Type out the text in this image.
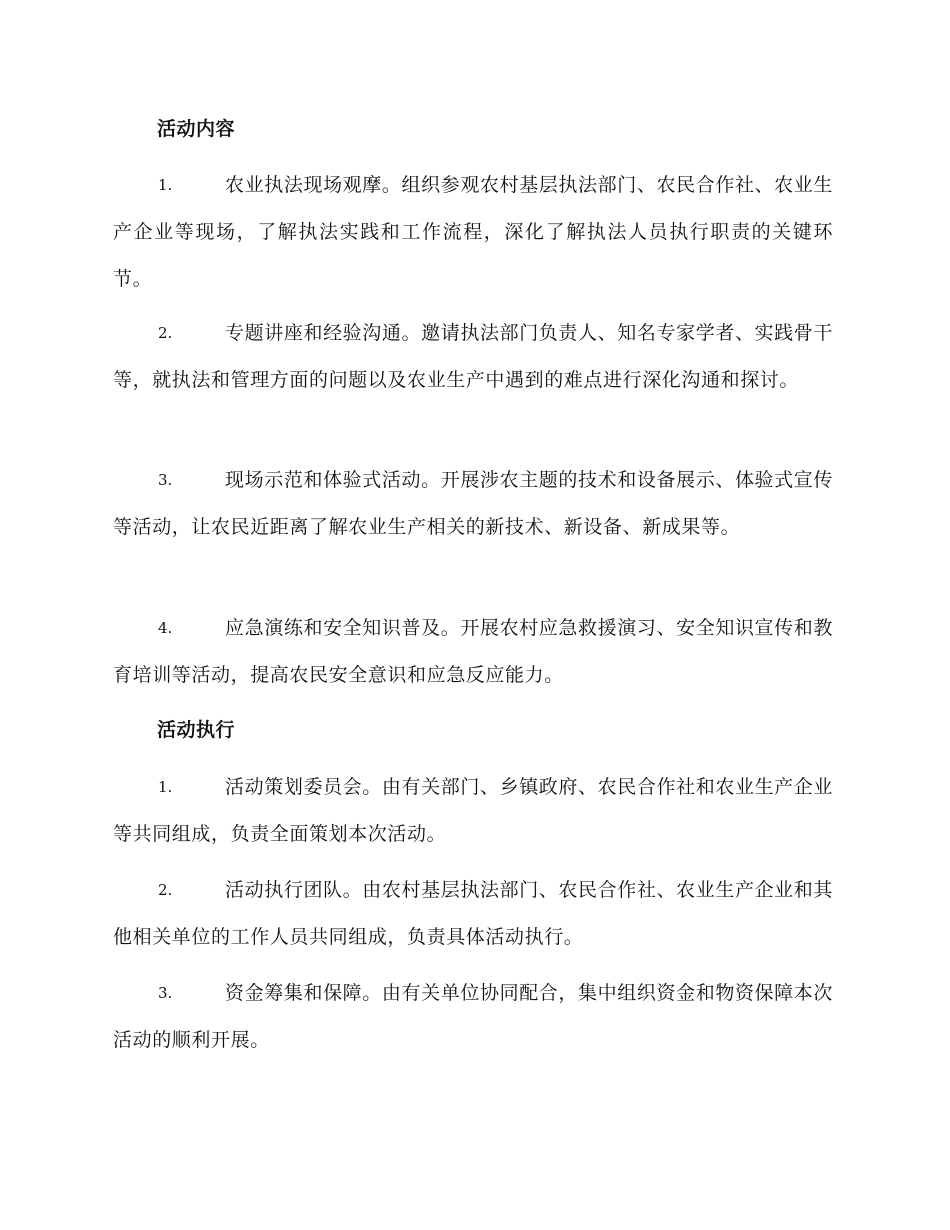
活动内容
1.	农业执法现场观摩。组织参观农村基层执法部门、农民合作社、农业生产企业等现场，了解执法实践和工作流程，深化了解执法人员执行职责的关键环节。
2.	专题讲座和经验沟通。邀请执法部门负责人、知名专家学者、实践骨干等，就执法和管理方面的问题以及农业生产中遇到的难点进行深化沟通和探讨。
3.	现场示范和体验式活动。开展涉农主题的技术和设备展示、体验式宣传等活动，让农民近距离了解农业生产相关的新技术、新设备、新成果等。
4.	应急演练和安全知识普及。开展农村应急救援演习、安全知识宣传和教育培训等活动，提高农民安全意识和应急反应能力。
活动执行
1.	活动策划委员会。由有关部门、乡镇政府、农民合作社和农业生产企业等共同组成，负责全面策划本次活动。
2.	活动执行团队。由农村基层执法部门、农民合作社、农业生产企业和其他相关单位的工作人员共同组成，负责具体活动执行。
3.	资金筹集和保障。由有关单位协同配合，集中组织资金和物资保障本次活动的顺利开展。
